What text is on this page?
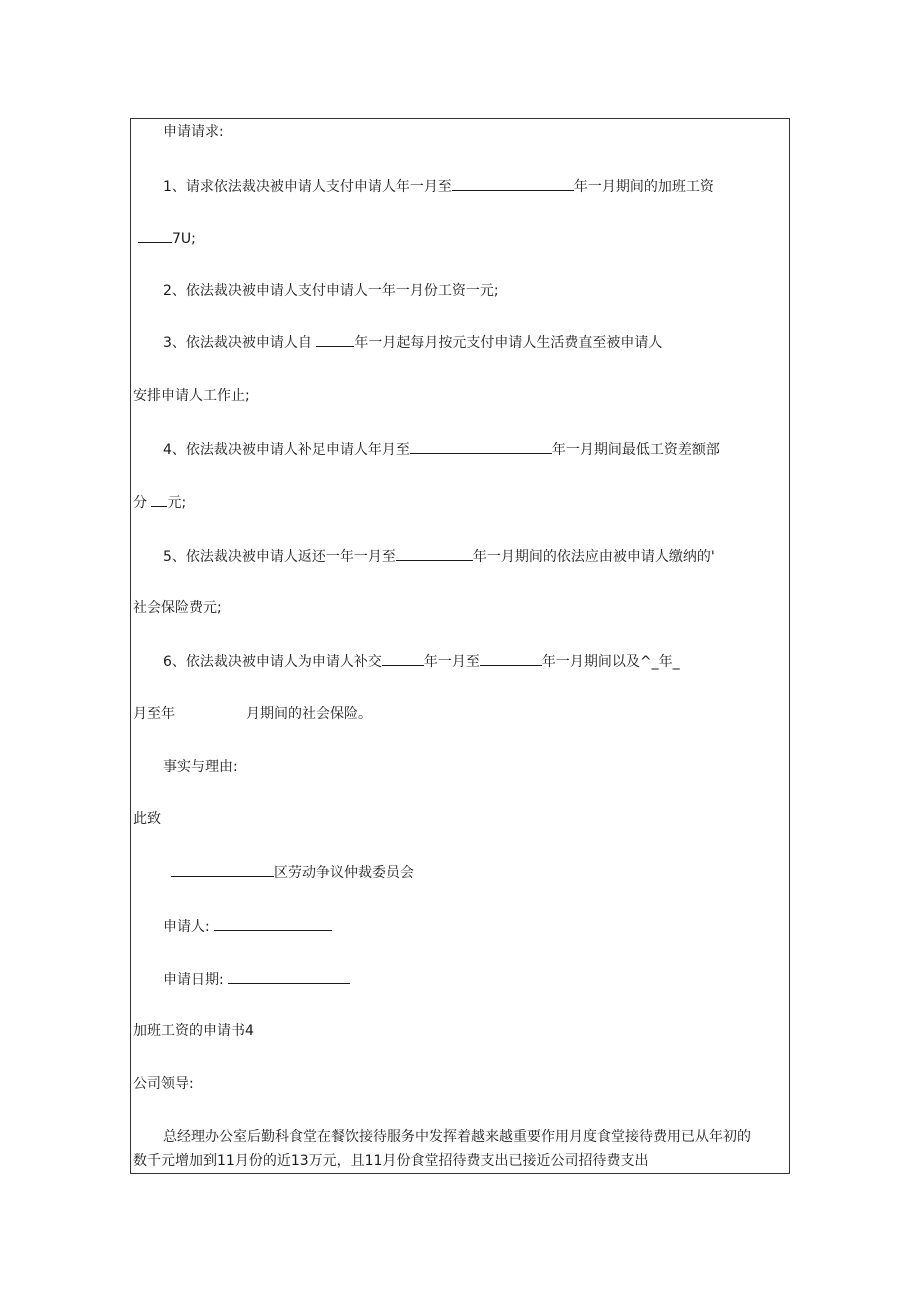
申请请求:
1、请求依法裁决被申请人支付申请人年一月至	年一月期间的加班工资
7U;
2、依法裁决被申请人支付申请人一年一月份工资一元;
3、依法裁决被申请人自	年一月起每月按元支付申请人生活费直至被申请人
安排申请人工作止;
4、依法裁决被申请人补足申请人年月至	年一月期间最低工资差额部
分 元;
5、依法裁决被申请人返还一年一月至	年一月期间的依法应由被申请人缴纳的'
社会保险费元;
6、依法裁决被申请人为申请人补交	年一月至	年一月期间以及^_年_
月至年	月期间的社会保险。
事实与理由:
此致
区劳动争议仲裁委员会
申请人:
申请日期:
加班工资的申请书4
公司领导:
总经理办公室后勤科食堂在餐饮接待服务中发挥着越来越重要作用月度食堂接待费用已从年初的
数千元增加到11月份的近13万元，且11月份食堂招待费支出已接近公司招待费支出
